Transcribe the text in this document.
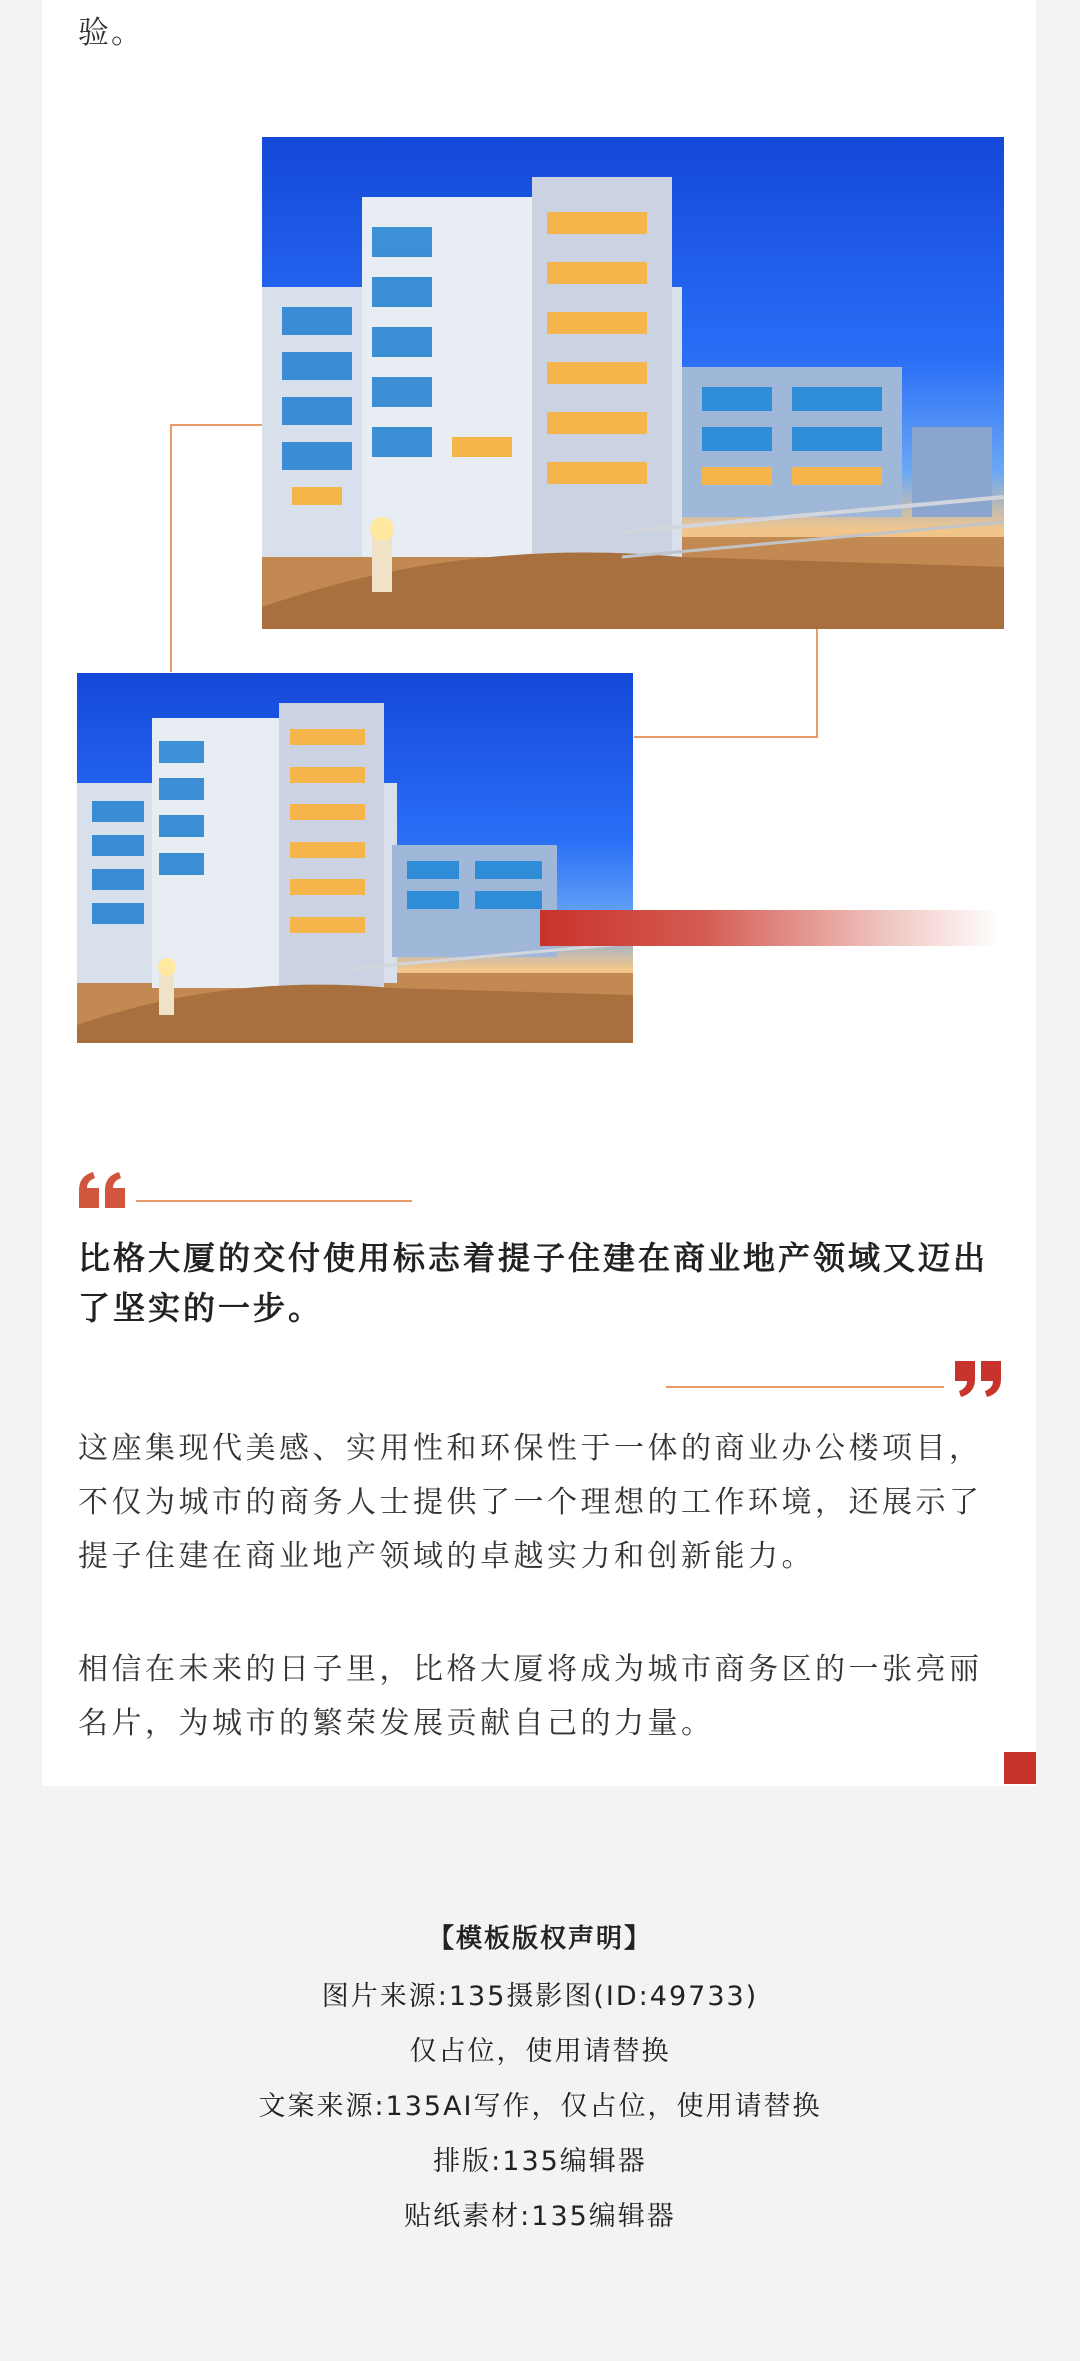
验。
比格大厦的交付使用标志着提子住建在商业地产领域又迈出了坚实的一步。
这座集现代美感、实用性和环保性于一体的商业办公楼项目，不仅为城市的商务人士提供了一个理想的工作环境，还展示了提子住建在商业地产领域的卓越实力和创新能力。
相信在未来的日子里，比格大厦将成为城市商务区的一张亮丽名片，为城市的繁荣发展贡献自己的力量。
【模板版权声明】
图片来源:135摄影图(ID:49733)
仅占位，使用请替换
文案来源:135AI写作，仅占位，使用请替换
排版:135编辑器
贴纸素材:135编辑器
